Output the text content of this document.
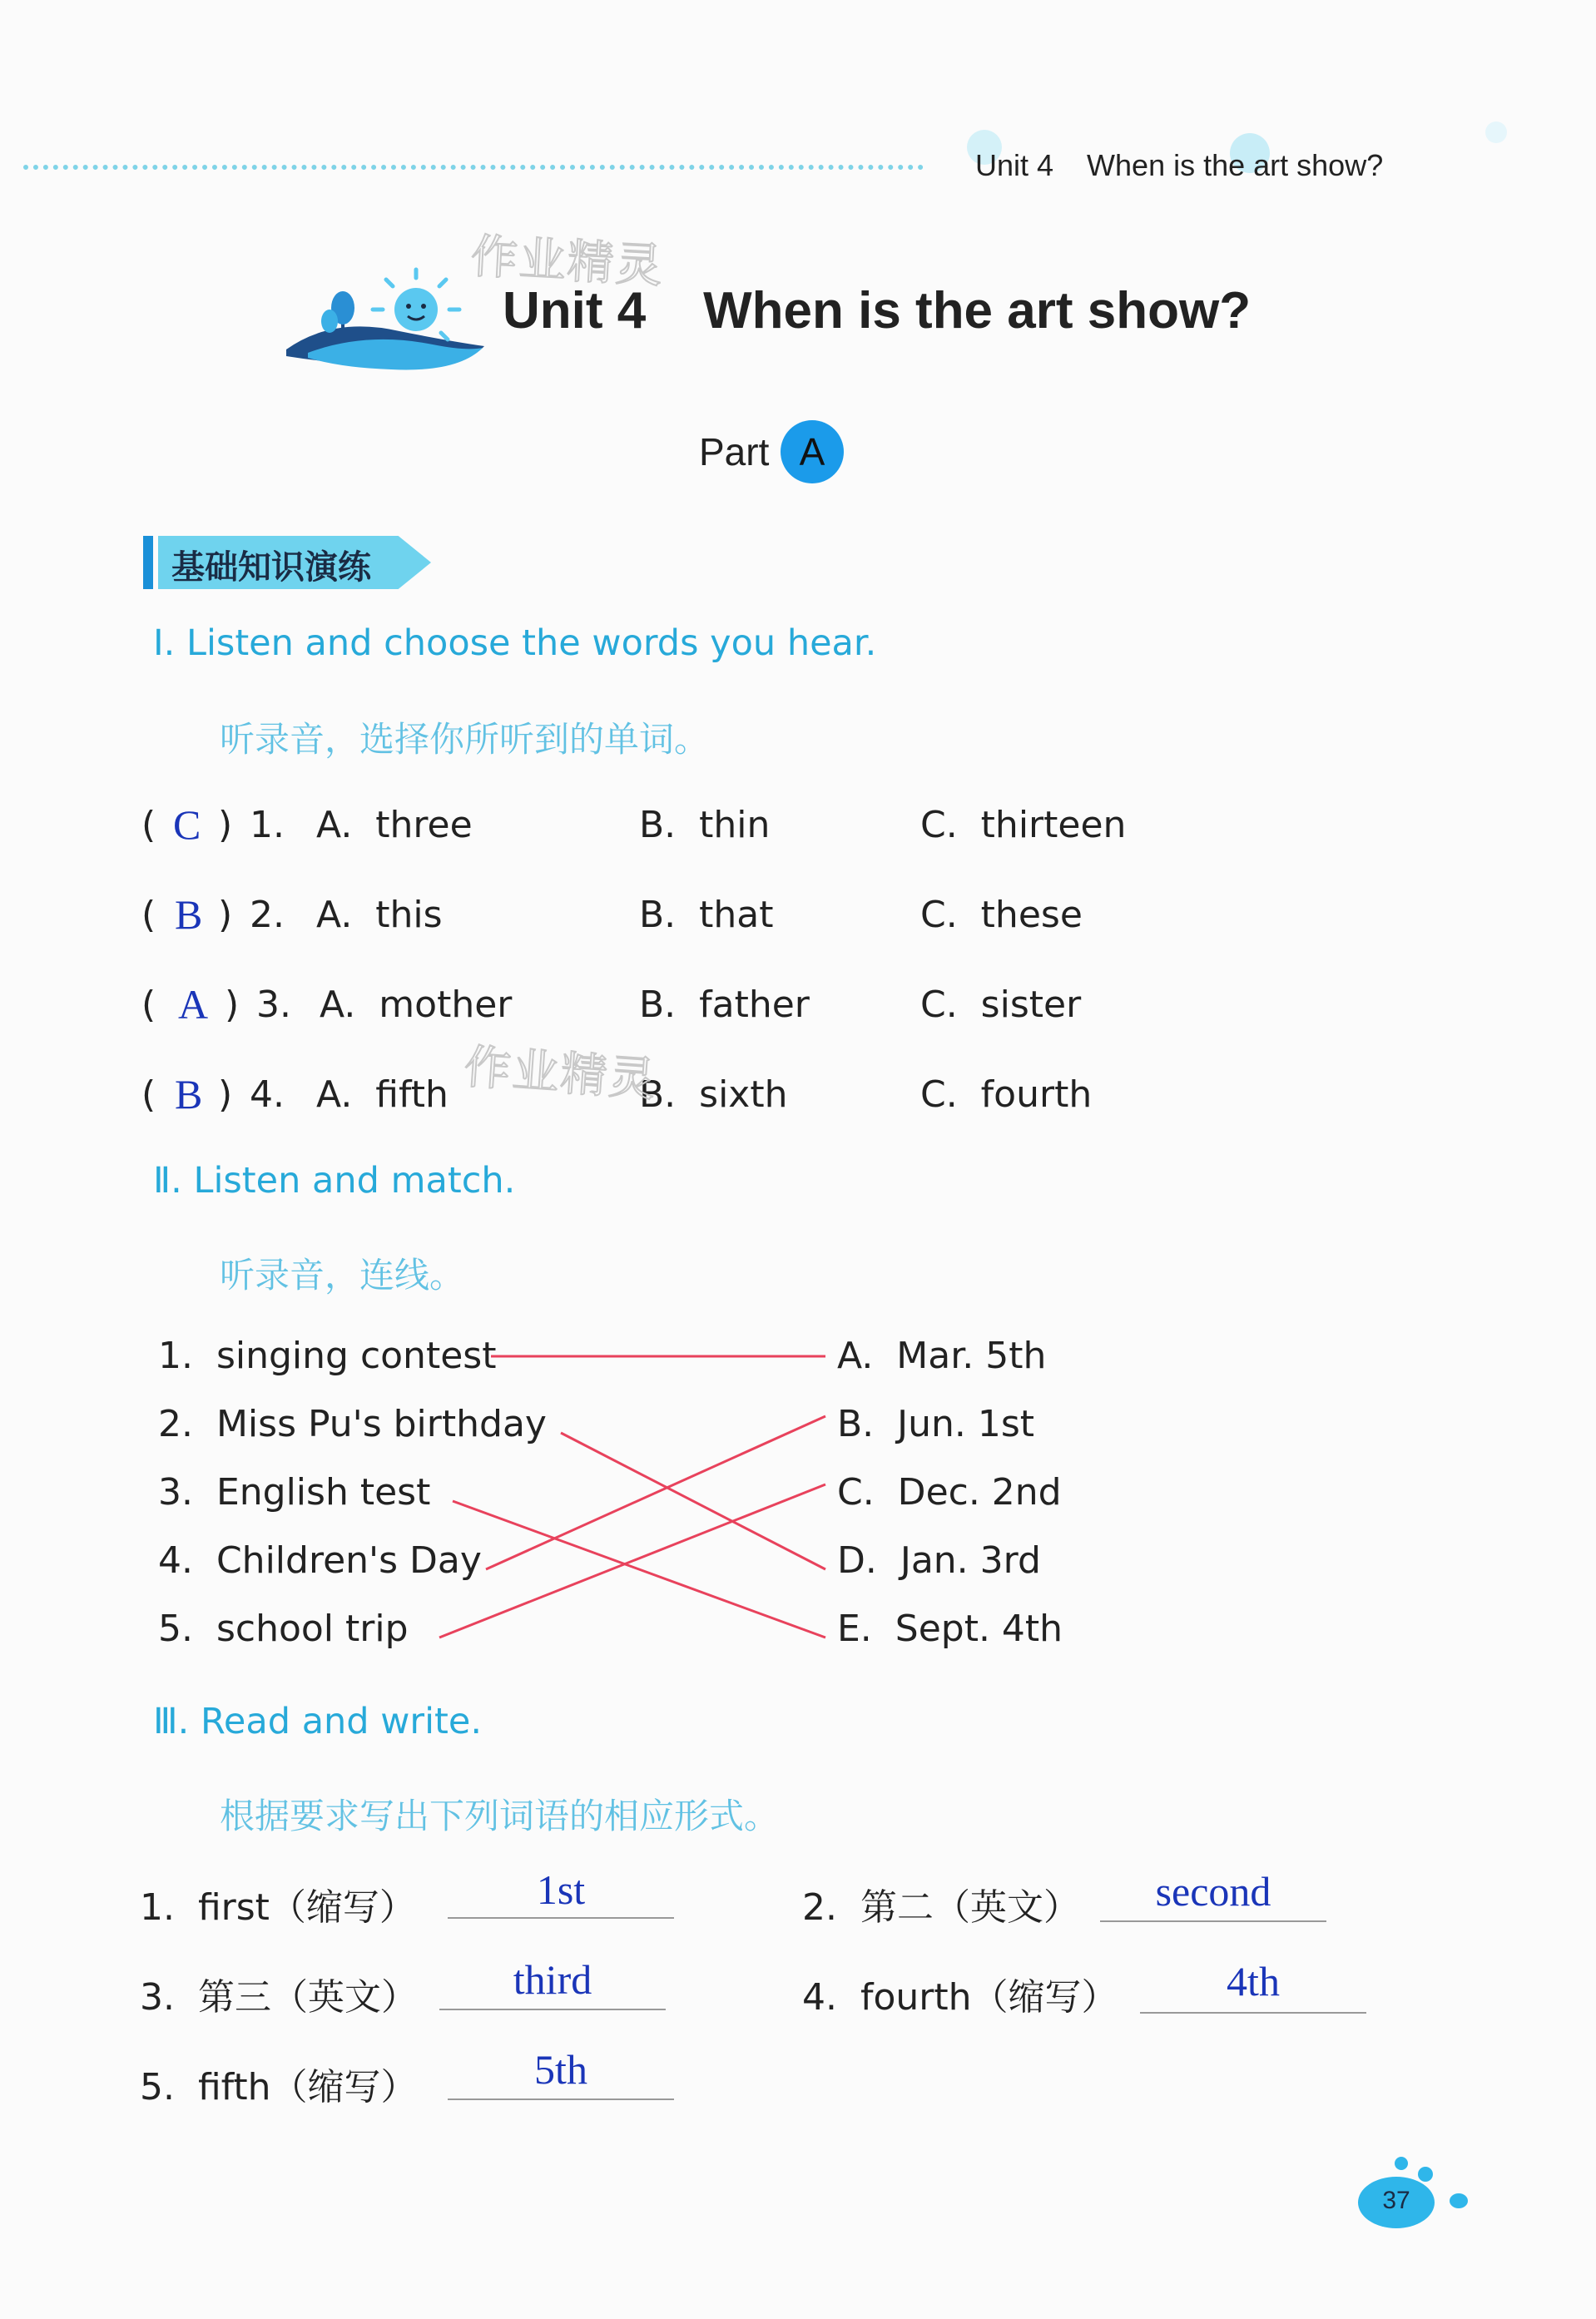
Unit 4    When is the art show?
作业精灵
Unit 4 When is the art show?
Part A
基础知识演练
Ⅰ. Listen and choose the words you hear.
听录音，选择你所听到的单词。
( C ) 1. A.  three	B.  thin	C.  thirteen
( B ) 2. A.  this	B.  that	C.  these
( A ) 3. A.  mother	B.  father	C.  sister
( B ) 4. A.  fifth	B.  sixth	C.  fourth
作业精灵
Ⅱ. Listen and match.
听录音，连线。
1.  singing contest
2.  Miss Pu's birthday
3.  English test
4.  Children's Day
5.  school trip
A.  Mar. 5th
B.  Jun. 1st
C.  Dec. 2nd
D.  Jan. 3rd
E.  Sept. 4th
Ⅲ. Read and write.
根据要求写出下列词语的相应形式。
1.  first（缩写）	1st	2.  第二（英文）	second
3.  第三（英文）	third	4.  fourth（缩写）	4th
5.  fifth（缩写）	5th
37
